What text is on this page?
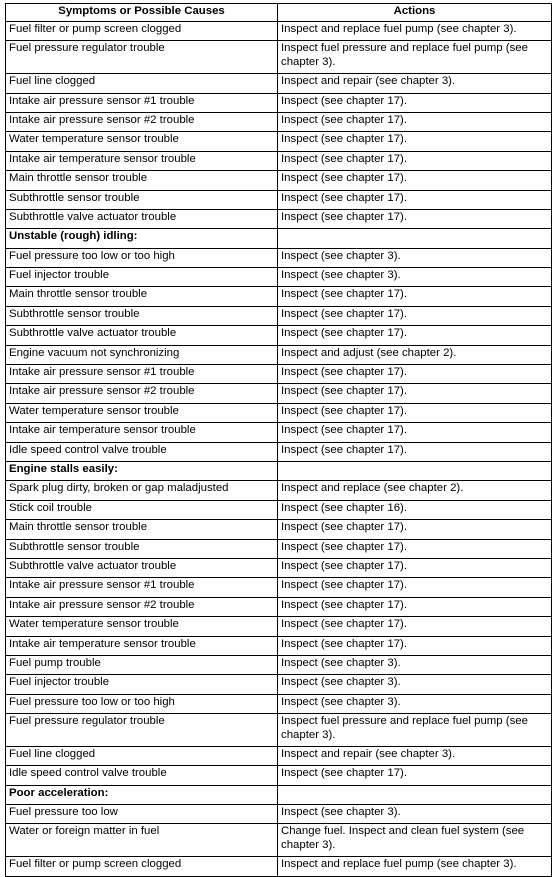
Symptoms or Possible Causes	Actions
Fuel filter or pump screen clogged	Inspect and replace fuel pump (see chapter 3).
Fuel pressure regulator trouble	Inspect fuel pressure and replace fuel pump (see chapter 3).
Fuel line clogged	Inspect and repair (see chapter 3).
Intake air pressure sensor #1 trouble	Inspect (see chapter 17).
Intake air pressure sensor #2 trouble	Inspect (see chapter 17).
Water temperature sensor trouble	Inspect (see chapter 17).
Intake air temperature sensor trouble	Inspect (see chapter 17).
Main throttle sensor trouble	Inspect (see chapter 17).
Subthrottle sensor trouble	Inspect (see chapter 17).
Subthrottle valve actuator trouble	Inspect (see chapter 17).
Unstable (rough) idling:	
Fuel pressure too low or too high	Inspect (see chapter 3).
Fuel injector trouble	Inspect (see chapter 3).
Main throttle sensor trouble	Inspect (see chapter 17).
Subthrottle sensor trouble	Inspect (see chapter 17).
Subthrottle valve actuator trouble	Inspect (see chapter 17).
Engine vacuum not synchronizing	Inspect and adjust (see chapter 2).
Intake air pressure sensor #1 trouble	Inspect (see chapter 17).
Intake air pressure sensor #2 trouble	Inspect (see chapter 17).
Water temperature sensor trouble	Inspect (see chapter 17).
Intake air temperature sensor trouble	Inspect (see chapter 17).
Idle speed control valve trouble	Inspect (see chapter 17).
Engine stalls easily:	
Spark plug dirty, broken or gap maladjusted	Inspect and replace (see chapter 2).
Stick coil trouble	Inspect (see chapter 16).
Main throttle sensor trouble	Inspect (see chapter 17).
Subthrottle sensor trouble	Inspect (see chapter 17).
Subthrottle valve actuator trouble	Inspect (see chapter 17).
Intake air pressure sensor #1 trouble	Inspect (see chapter 17).
Intake air pressure sensor #2 trouble	Inspect (see chapter 17).
Water temperature sensor trouble	Inspect (see chapter 17).
Intake air temperature sensor trouble	Inspect (see chapter 17).
Fuel pump trouble	Inspect (see chapter 3).
Fuel injector trouble	Inspect (see chapter 3).
Fuel pressure too low or too high	Inspect (see chapter 3).
Fuel pressure regulator trouble	Inspect fuel pressure and replace fuel pump (see chapter 3).
Fuel line clogged	Inspect and repair (see chapter 3).
Idle speed control valve trouble	Inspect (see chapter 17).
Poor acceleration:	
Fuel pressure too low	Inspect (see chapter 3).
Water or foreign matter in fuel	Change fuel. Inspect and clean fuel system (see chapter 3).
Fuel filter or pump screen clogged	Inspect and replace fuel pump (see chapter 3).
